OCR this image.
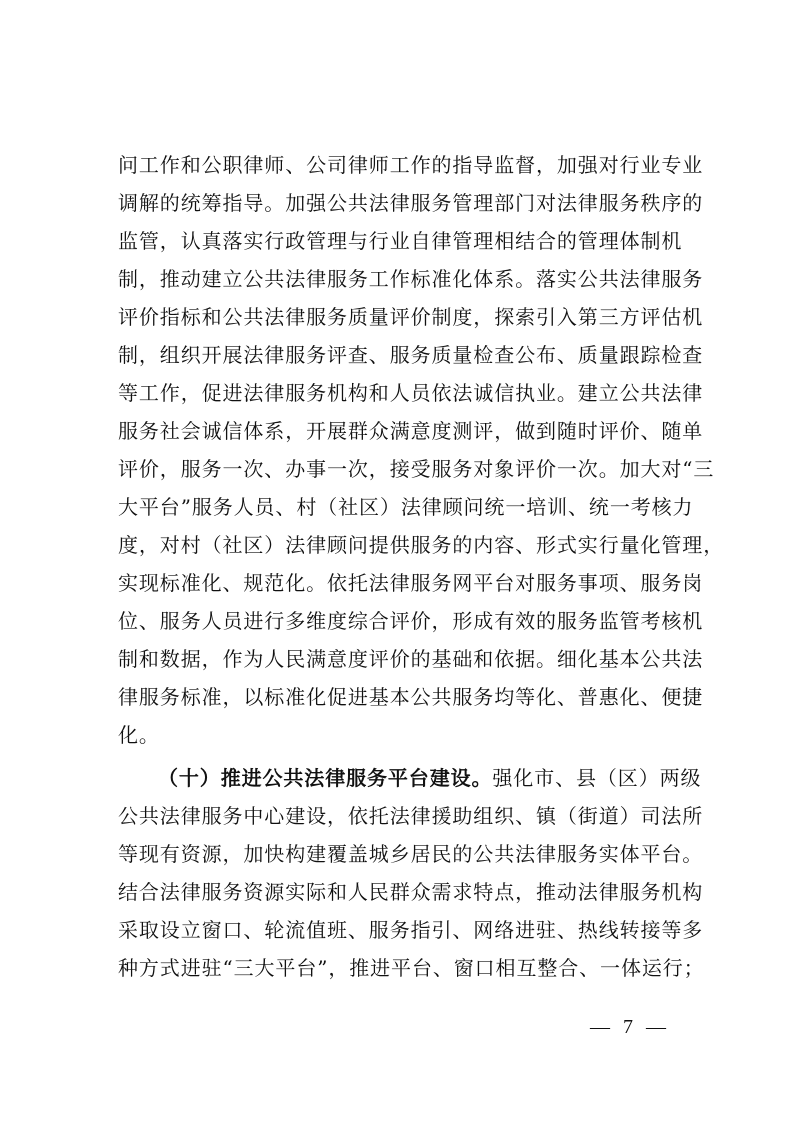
问工作和公职律师、公司律师工作的指导监督，加强对行业专业
调解的统筹指导。加强公共法律服务管理部门对法律服务秩序的
监管，认真落实行政管理与行业自律管理相结合的管理体制机
制，推动建立公共法律服务工作标准化体系。落实公共法律服务
评价指标和公共法律服务质量评价制度，探索引入第三方评估机
制，组织开展法律服务评查、服务质量检查公布、质量跟踪检查
等工作，促进法律服务机构和人员依法诚信执业。建立公共法律
服务社会诚信体系，开展群众满意度测评，做到随时评价、随单
评价，服务一次、办事一次，接受服务对象评价一次。加大对“三
大平台”服务人员、村（社区）法律顾问统一培训、统一考核力
度，对村（社区）法律顾问提供服务的内容、形式实行量化管理，
实现标准化、规范化。依托法律服务网平台对服务事项、服务岗
位、服务人员进行多维度综合评价，形成有效的服务监管考核机
制和数据，作为人民满意度评价的基础和依据。细化基本公共法
律服务标准，以标准化促进基本公共服务均等化、普惠化、便捷
化。
（十）推进公共法律服务平台建设。强化市、县（区）两级
公共法律服务中心建设，依托法律援助组织、镇（街道）司法所
等现有资源，加快构建覆盖城乡居民的公共法律服务实体平台。
结合法律服务资源实际和人民群众需求特点，推动法律服务机构
采取设立窗口、轮流值班、服务指引、网络进驻、热线转接等多
种方式进驻“三大平台”，推进平台、窗口相互整合、一体运行；
— 7 —
